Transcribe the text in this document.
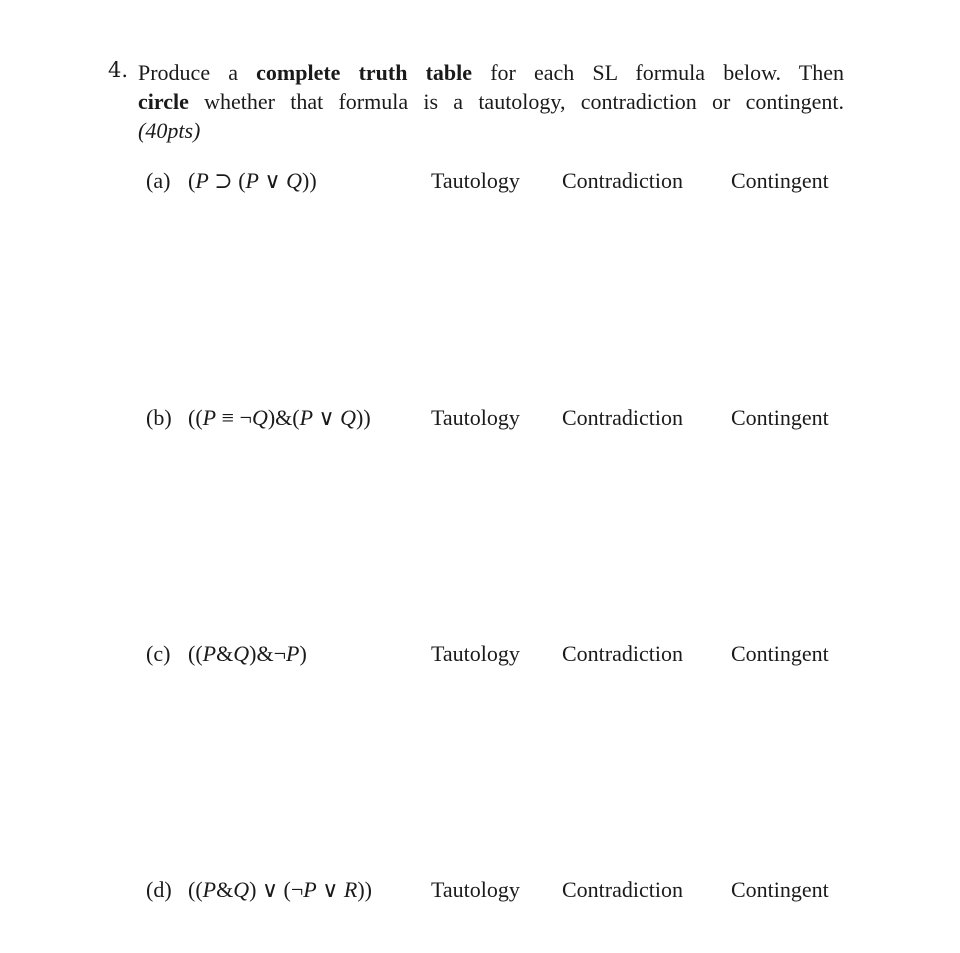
4. Produce a complete truth table for each SL formula below. Then
circle whether that formula is a tautology, contradiction or contingent.
(40pts)
(a) (P ⊃ (P ∨ Q))	Tautology Contradiction Contingent
(b) ((P ≡ ¬Q)&(P ∨ Q))	Tautology Contradiction Contingent
(c) ((P&Q)&¬P)	Tautology Contradiction Contingent
(d) ((P&Q) ∨ (¬P ∨ R))	Tautology Contradiction Contingent
